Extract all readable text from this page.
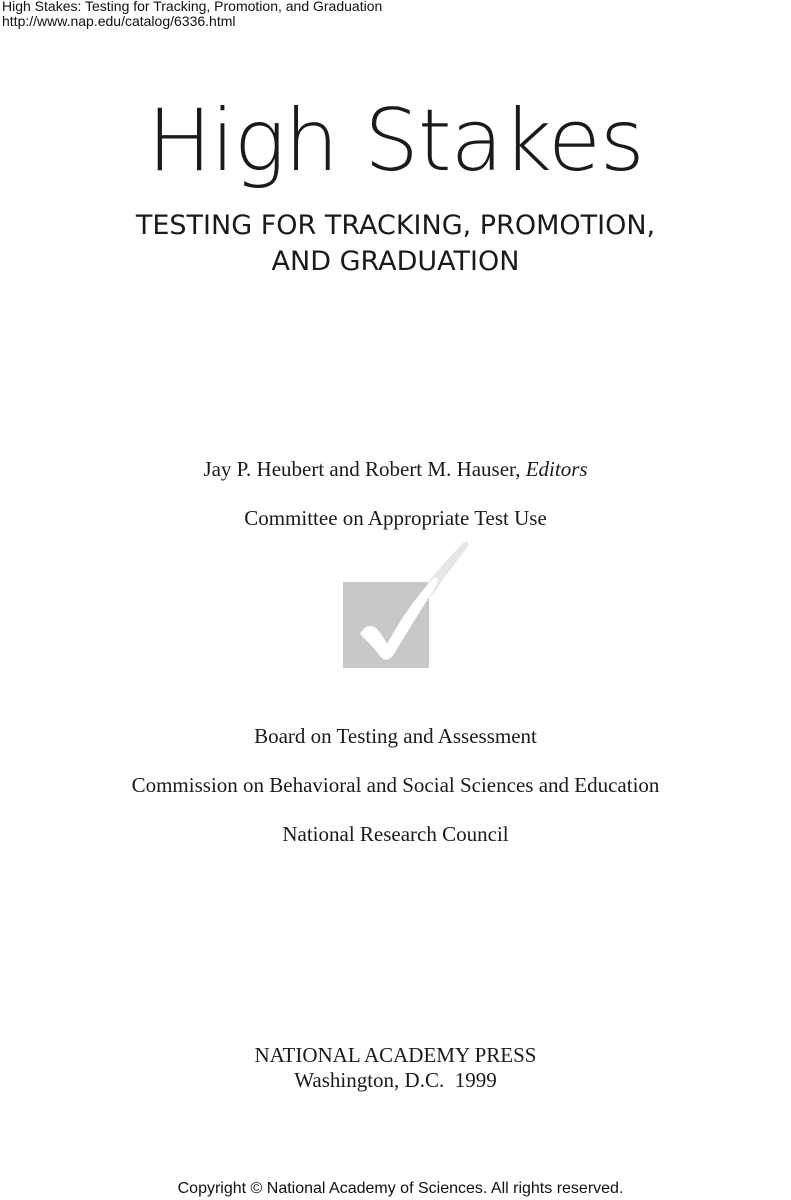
High Stakes: Testing for Tracking, Promotion, and Graduation
http://www.nap.edu/catalog/6336.html
High Stakes
TESTING FOR TRACKING, PROMOTION,
AND GRADUATION
Jay P. Heubert and Robert M. Hauser, Editors
Committee on Appropriate Test Use
Board on Testing and Assessment
Commission on Behavioral and Social Sciences and Education
National Research Council
NATIONAL ACADEMY PRESS
Washington, D.C.  1999
Copyright © National Academy of Sciences. All rights reserved.
